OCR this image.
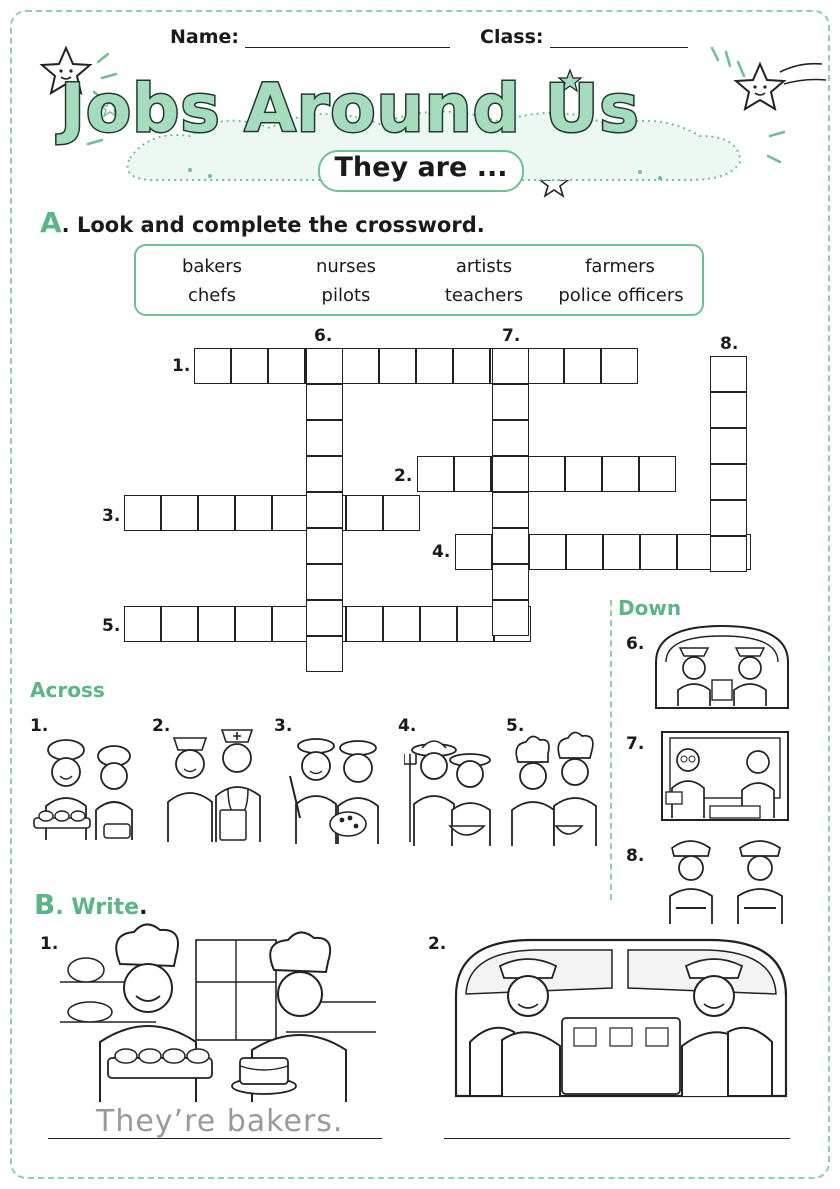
Name:	Class:
Jobs Around Us
They are ...
A. Look and complete the crossword.
bakers	nurses	artists	farmers
chefs	pilots	teachers	police officers
1.
2.
3.
4.
5.
6.	7.	8.
Across
1.	2.	3.	4.	5.
Down
6.
7.
8.
B. Write.
1.
They’re bakers.
2.
